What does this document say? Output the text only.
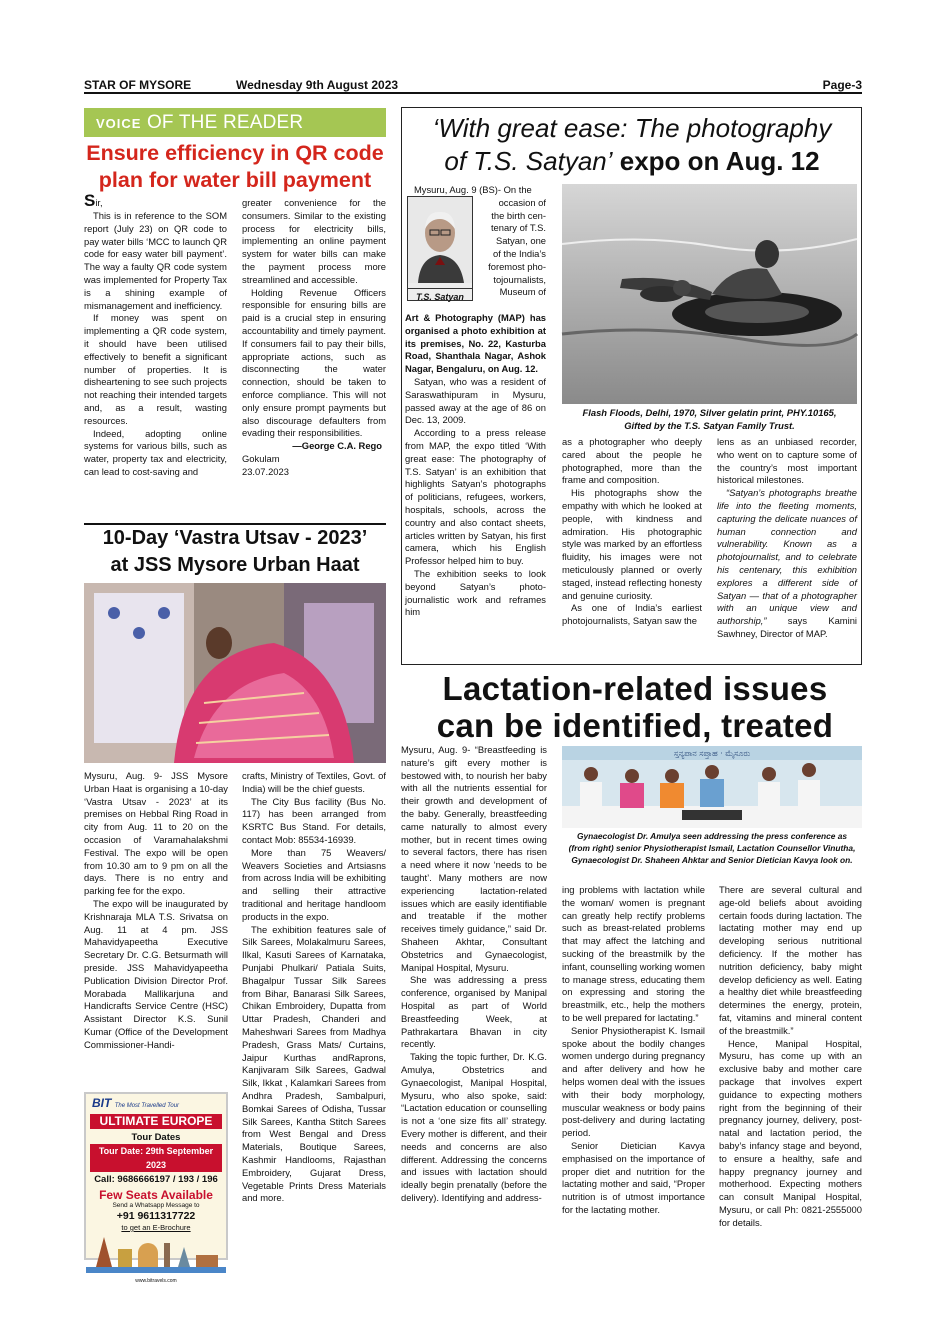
STAR OF MYSORE	Wednesday 9th August 2023	Page-3
VOICE OF THE READER
Ensure efficiency in QR code plan for water bill payment
Sir,

This is in reference to the SOM report (July 23) on QR code to pay water bills ‘MCC to launch QR code for easy water bill payment’. The way a faulty QR code system was implemented for Property Tax is a shining example of mismanagement and inefficiency.

If money was spent on implementing a QR code system, it should have been utilised effectively to benefit a significant number of properties. It is disheartening to see such projects not reaching their intended targets and, as a result, wasting resources.

Indeed, adopting online systems for various bills, such as water, property tax and electricity, can lead to cost-saving and

greater convenience for the consumers. Similar to the existing process for electricity bills, implementing an online payment system for water bills can make the payment process more streamlined and accessible.

Holding Revenue Officers responsible for ensuring bills are paid is a crucial step in ensuring accountability and timely payment. If consumers fail to pay their bills, appropriate actions, such as disconnecting the water connection, should be taken to enforce compliance. This will not only ensure prompt payments but also discourage defaulters from evading their responsibilities.

—George C.A. Rego
Gokulam
23.07.2023
‘With great ease: The photography
of T.S. Satyan’ expo on Aug. 12
T.S. Satyan
Mysuru, Aug. 9 (BS)- On the
occasion of
the birth cen-
tenary of T.S.
Satyan, one
of the India’s
foremost pho-
tojournalists,
Museum of
Art & Photography (MAP) has organised a photo exhibition at its premises, No. 22, Kasturba Road, Shanthala Nagar, Ashok Nagar, Bengaluru, on Aug. 12.

Satyan, who was a resident of Saraswathipuram in Mysuru, passed away at the age of 86 on Dec. 13, 2009.

According to a press release from MAP, the expo titled ‘With great ease: The photography of T.S. Satyan’ is an exhibition that highlights Satyan’s photographs of politicians, refugees, workers, hospitals, schools, across the country and also contact sheets, articles written by Satyan, his first camera, which his English Professor helped him to buy.

The exhibition seeks to look beyond Satyan’s photo-journalistic work and reframes him

Flash Floods, Delhi, 1970, Silver gelatin print, PHY.10165,
Gifted by the T.S. Satyan Family Trust.
as a photographer who deeply cared about the people he photographed, more than the frame and composition.

His photographs show the empathy with which he looked at people, with kindness and admiration. His photographic style was marked by an effortless fluidity, his images were not meticulously planned or overly staged, instead reflecting honesty and genuine curiosity.

As one of India’s earliest photojournalists, Satyan saw the

lens as an unbiased recorder, who went on to capture some of the country’s most important historical milestones.

“Satyan’s photographs breathe life into the fleeting moments, capturing the delicate nuances of human connection and vulnerability. Known as a photojournalist, and to celebrate his centenary, this exhibition explores a different side of Satyan — that of a photographer with an unique view and authorship,” says Kamini Sawhney, Director of MAP.

10-Day ‘Vastra Utsav - 2023’
at JSS Mysore Urban Haat
Mysuru, Aug. 9- JSS Mysore Urban Haat is organising a 10-day ‘Vastra Utsav - 2023’ at its premises on Hebbal Ring Road in city from Aug. 11 to 20 on the occasion of Varamahalakshmi Festival. The expo will be open from 10.30 am to 9 pm on all the days. There is no entry and parking fee for the expo.

The expo will be inaugurated by Krishnaraja MLA T.S. Srivatsa on Aug. 11 at 4 pm. JSS Mahavidyapeetha Executive Secretary Dr. C.G. Betsurmath will preside. JSS Mahavidyapeetha Publication Division Director Prof. Morabada Mallikarjuna and Handicrafts Service Centre (HSC) Assistant Director K.S. Sunil Kumar (Office of the Development Commissioner-Handi-

crafts, Ministry of Textiles, Govt. of India) will be the chief guests.

The City Bus facility (Bus No. 117) has been arranged from KSRTC Bus Stand. For details, contact Mob: 85534-16939.

More than 75 Weavers/ Weavers Societies and Artsiasns from across India will be exhibiting and selling their attractive traditional and heritage handloom products in the expo.

The exhibition features sale of Silk Sarees, Molakalmuru Sarees, Ilkal, Kasuti Sarees of Karnataka, Punjabi Phulkari/ Patiala Suits, Bhagalpur Tussar Silk Sarees from Bihar, Banarasi Silk Sarees, Chikan Embroidery, Dupatta from Uttar Pradesh, Chanderi and Maheshwari Sarees from Madhya Pradesh, Grass Mats/ Curtains, Jaipur Kurthas andRaprons, Kanjivaram Silk Sarees, Gadwal Silk, Ikkat , Kalamkari Sarees from Andhra Pradesh, Sambalpuri, Bomkai Sarees of Odisha, Tussar Silk Sarees, Kantha Stitch Sarees from West Bengal and Dress Materials, Boutique Sarees, Kashmir Handlooms, Rajasthan Embroidery, Gujarat Dress, Vegetable Prints Dress Materials and more.

BIT The Most Travelled Tour
ULTIMATE EUROPE
Tour Dates
Tour Date: 29th September 2023
Call: 9686666197 / 193 / 196
Few Seats Available
Send a Whatsapp Message to
+91 9611317722
to get an E-Brochure
www.bitravels.com
Lactation-related issues
can be identified, treated
Mysuru, Aug. 9- “Breastfeeding is nature’s gift every mother is bestowed with, to nourish her baby with all the nutrients essential for their growth and development of the baby. Generally, breastfeeding came naturally to almost every mother, but in recent times owing to several factors, there has risen a need where it now ‘needs to be taught’. Many mothers are now experiencing lactation-related issues which are easily identifiable and treatable if the mother receives timely guidance,” said Dr. Shaheen Akhtar, Consultant Obstetrics and Gynaecologist, Manipal Hospital, Mysuru.

She was addressing a press conference, organised by Manipal Hospital as part of World Breastfeeding Week, at Pathrakartara Bhavan in city recently.

Taking the topic further, Dr. K.G. Amulya, Obstetrics and Gynaecologist, Manipal Hospital, Mysuru, who also spoke, said: “Lactation education or counselling is not a ‘one size fits all’ strategy. Every mother is different, and their needs and concerns are also different. Addressing the concerns and issues with lactation should ideally begin prenatally (before the delivery). Identifying and address-

ಸ್ತನ್ಯಪಾನ ಸಪ್ತಾಹ · ಮೈಸೂರು
Gynaecologist Dr. Amulya seen addressing the press conference as
(from right) senior Physiotherapist Ismail, Lactation Counsellor Vinutha,
Gynaecologist Dr. Shaheen Ahktar and Senior Dietician Kavya look on.
ing problems with lactation while the woman/ women is pregnant can greatly help rectify problems such as breast-related problems that may affect the latching and sucking of the breastmilk by the infant, counselling working women to manage stress, educating them on expressing and storing the breastmilk, etc., help the mothers to be well prepared for lactating.”

Senior Physiotherapist K. Ismail spoke about the bodily changes women undergo during pregnancy and after delivery and how he helps women deal with the issues with their body morphology, muscular weakness or body pains post-delivery and during lactating period.

Senior Dietician Kavya emphasised on the importance of proper diet and nutrition for the lactating mother and said, “Proper nutrition is of utmost importance for the lactating mother.

There are several cultural and age-old beliefs about avoiding certain foods during lactation. The lactating mother may end up developing serious nutritional deficiency. If the mother has nutrition deficiency, baby might develop deficiency as well. Eating a healthy diet while breastfeeding determines the energy, protein, fat, vitamins and mineral content of the breastmilk.”

Hence, Manipal Hospital, Mysuru, has come up with an exclusive baby and mother care package that involves expert guidance to expecting mothers right from the beginning of their pregnancy journey, delivery, post-natal and lactation period, the baby’s infancy stage and beyond, to ensure a healthy, safe and happy pregnancy journey and motherhood. Expecting mothers can consult Manipal Hospital, Mysuru, or call Ph: 0821-2555000 for details.
